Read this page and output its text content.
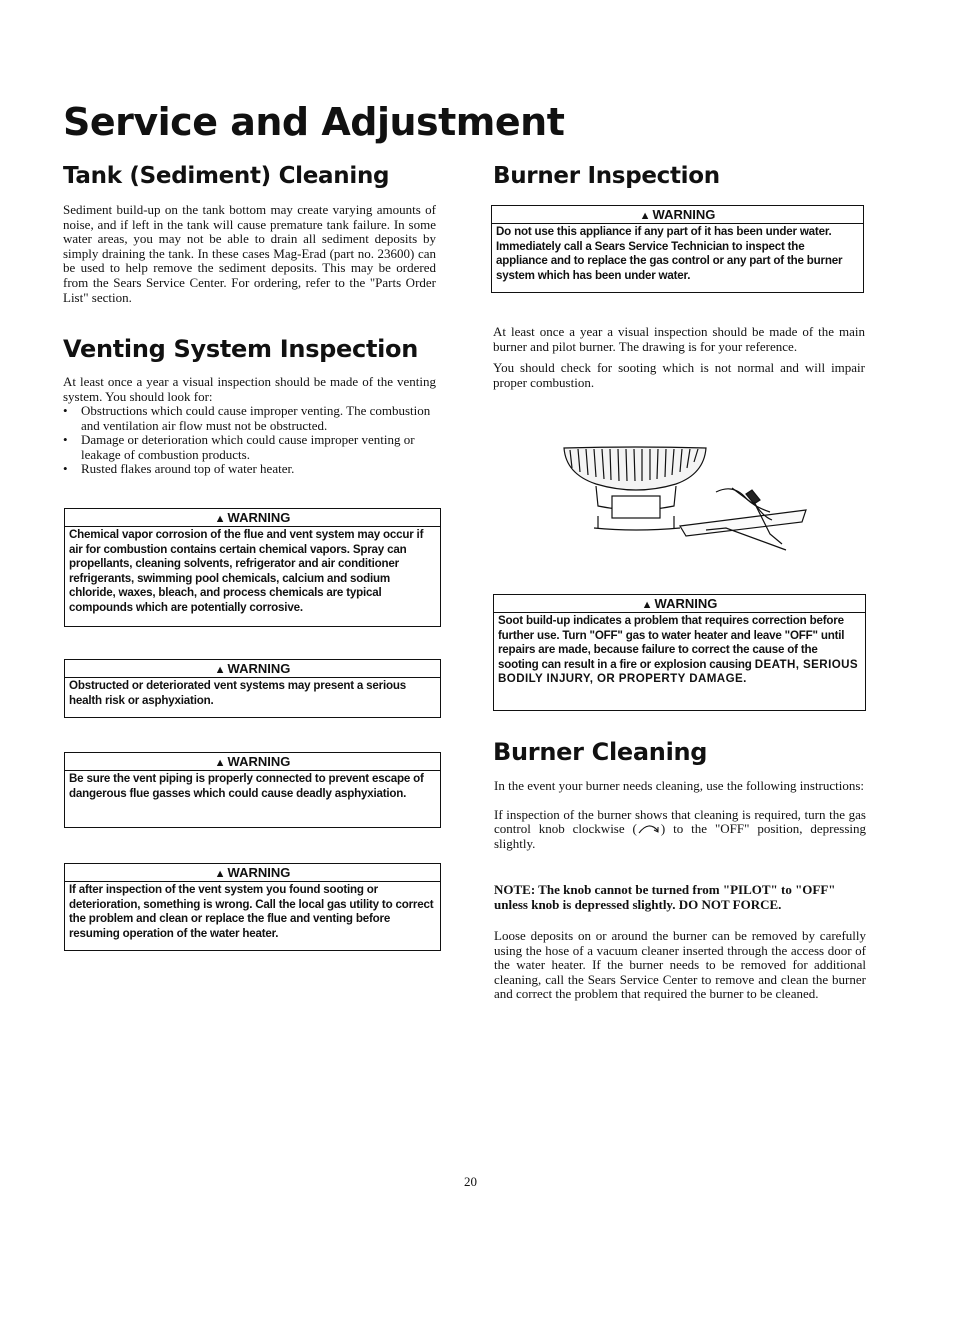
Service and Adjustment
Tank (Sediment) Cleaning

Sediment build-up on the tank bottom may create varying amounts of noise, and if left in the tank will cause premature tank failure. In some water areas, you may not be able to drain all sediment deposits by simply draining the tank. In these cases Mag-Erad (part no. 23600) can be used to help remove the sediment deposits. This may be ordered from the Sears Service Center. For ordering, refer to the "Parts Order List" section.

Venting System Inspection

At least once a year a visual inspection should be made of the venting system. You should look for:

• Obstructions which could cause improper venting. The combustion and ventilation air flow must not be obstructed.
• Damage or deterioration which could cause improper venting or leakage of combustion products.
• Rusted flakes around top of water heater.
▲ WARNING
Chemical vapor corrosion of the flue and vent system may occur if air for combustion contains certain chemical vapors. Spray can propellants, cleaning solvents, refrigerator and air conditioner refrigerants, swimming pool chemicals, calcium and sodium chloride, waxes, bleach, and process chemicals are typical compounds which are potentially corrosive.
▲ WARNING
Obstructed or deteriorated vent systems may present a serious health risk or asphyxiation.
▲ WARNING
Be sure the vent piping is properly connected to prevent escape of dangerous flue gasses which could cause deadly asphyxiation.
▲ WARNING
If after inspection of the vent system you found sooting or deterioration, something is wrong. Call the local gas utility to correct the problem and clean or replace the flue and venting before resuming operation of the water heater.
Burner Inspection
▲ WARNING
Do not use this appliance if any part of it has been under water. Immediately call a Sears Service Technician to inspect the appliance and to replace the gas control or any part of the burner system which has been under water.

At least once a year a visual inspection should be made of the main burner and pilot burner. The drawing is for your reference.

You should check for sooting which is not normal and will impair proper combustion.

▲ WARNING
Soot build-up indicates a problem that requires correction before further use. Turn "OFF" gas to water heater and leave "OFF" until repairs are made, because failure to correct the cause of the sooting can result in a fire or explosion causing DEATH, SERIOUS BODILY INJURY, OR PROPERTY DAMAGE.
Burner Cleaning

In the event your burner needs cleaning, use the following instructions:

If inspection of the burner shows that cleaning is required, turn the gas control knob clockwise ( ) to the "OFF" position, depressing slightly.

NOTE: The knob cannot be turned from "PILOT" to "OFF" unless knob is depressed slightly. DO NOT FORCE.

Loose deposits on or around the burner can be removed by carefully using the hose of a vacuum cleaner inserted through the access door of the water heater. If the burner needs to be removed for additional cleaning, call the Sears Service Center to remove and clean the burner and correct the problem that required the burner to be cleaned.

20
